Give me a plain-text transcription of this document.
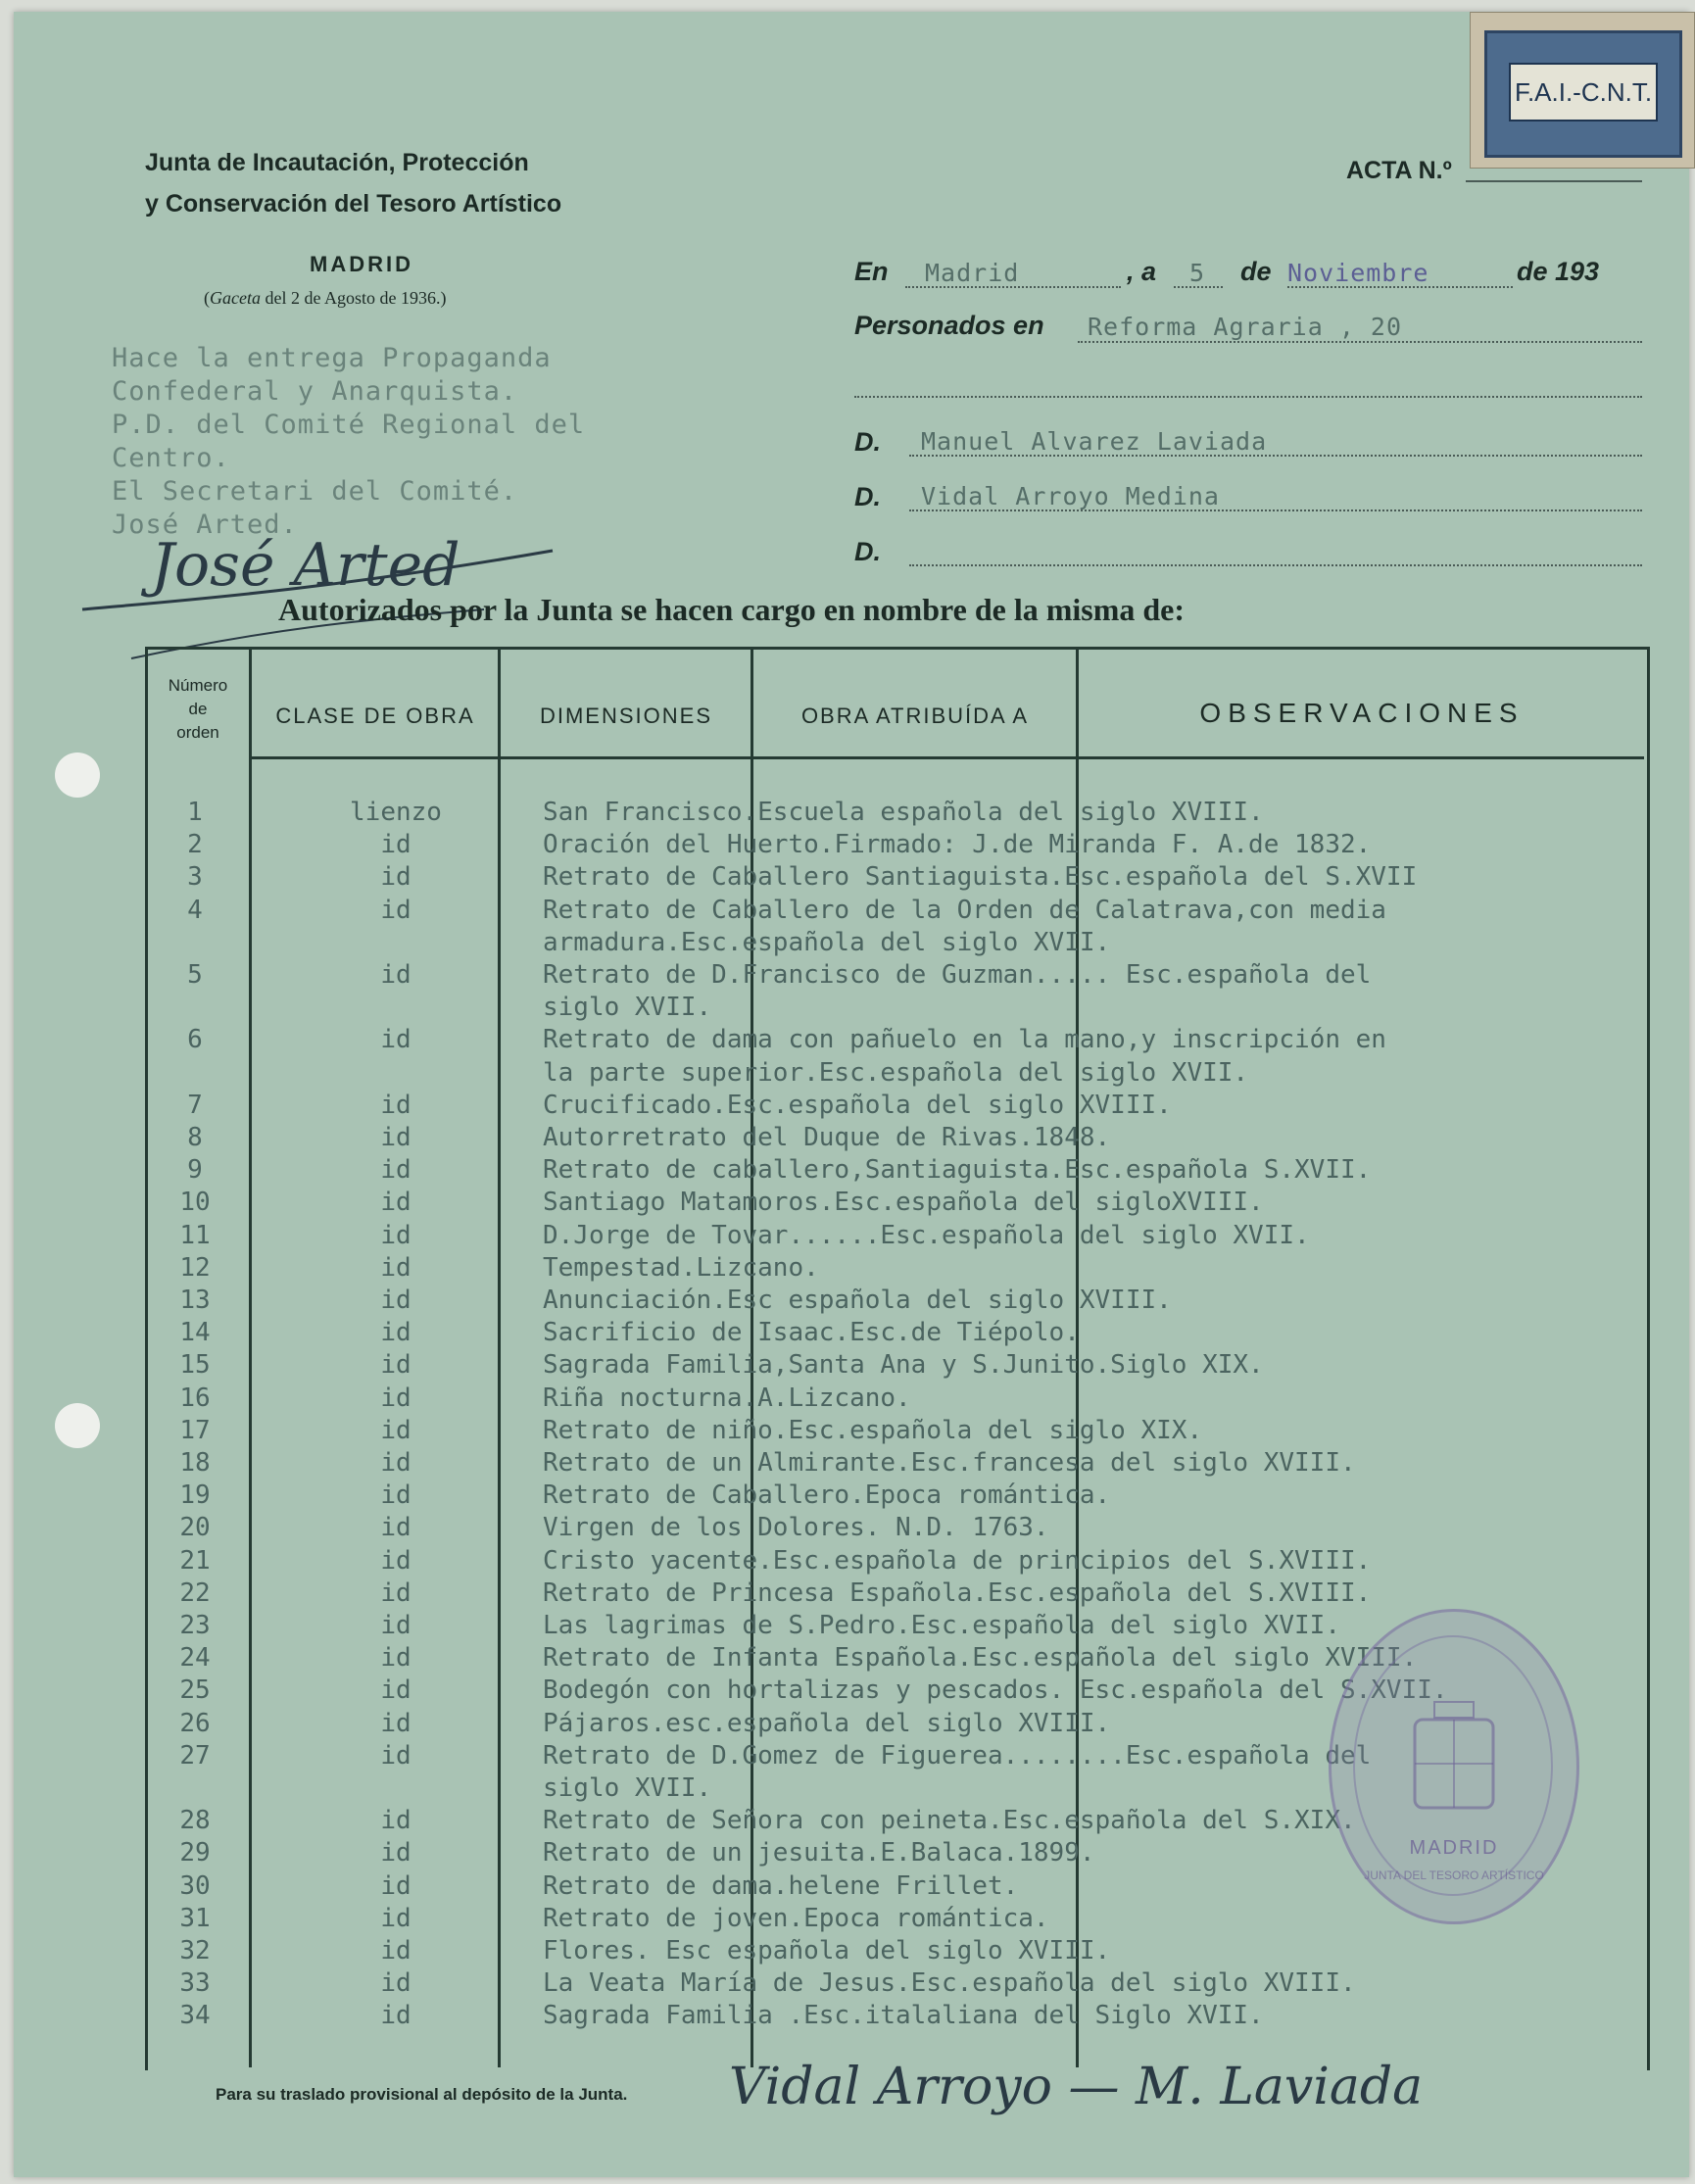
F.A.I.-C.N.T.
Junta de Incautación, Protección
y Conservación del Tesoro Artístico
MADRID
(Gaceta del 2 de Agosto de 1936.)
ACTA N.º
En Madrid	, a 5 de Noviembre	de 193
Personados en Reforma Agraria , 20
D. Manuel Alvarez Laviada
D. Vidal Arroyo Medina
D.
Hace la entrega Propaganda
Confederal y Anarquista.
P.D. del Comité Regional del
Centro.
El Secretari del Comité.
José Arted.
José Arted
Autorizados por la Junta se hacen cargo en nombre de la misma de:
Número
de
orden
CLASE DE OBRA	DIMENSIONES	OBRA ATRIBUÍDA A	OBSERVACIONES
1	lienzo	San Francisco.Escuela española del siglo XVIII.
2	id	Oración del Huerto.Firmado: J.de Miranda F. A.de 1832.
3	id	Retrato de Caballero Santiaguista.Esc.española del S.XVII
4	id	Retrato de Caballero de la Orden de Calatrava,con media
armadura.Esc.española del siglo XVII.
5	id	Retrato de D.Francisco de Guzman..... Esc.española del
siglo XVII.
6	id	Retrato de dama con pañuelo en la mano,y inscripción en
la parte superior.Esc.española del siglo XVII.
7	id	Crucificado.Esc.española del siglo XVIII.
8	id	Autorretrato del Duque de Rivas.1848.
9	id	Retrato de caballero,Santiaguista.Esc.española S.XVII.
10	id	Santiago Matamoros.Esc.española del sigloXVIII.
11	id	D.Jorge de Tovar......Esc.española del siglo XVII.
12	id	Tempestad.Lizcano.
13	id	Anunciación.Esc española del siglo XVIII.
14	id	Sacrificio de Isaac.Esc.de Tiépolo.
15	id	Sagrada Familia,Santa Ana y S.Junito.Siglo XIX.
16	id	Riña nocturna.A.Lizcano.
17	id	Retrato de niño.Esc.española del siglo XIX.
18	id	Retrato de un Almirante.Esc.francesa del siglo XVIII.
19	id	Retrato de Caballero.Epoca romántica.
20	id	Virgen de los Dolores. N.D. 1763.
21	id	Cristo yacente.Esc.española de principios del S.XVIII.
22	id	Retrato de Princesa Española.Esc.española del S.XVIII.
23	id	Las lagrimas de S.Pedro.Esc.española del siglo XVII.
24	id	Retrato de Infanta Española.Esc.española del siglo XVIII.
25	id	Bodegón con hortalizas y pescados. Esc.española del S.XVII.
26	id	Pájaros.esc.española del siglo XVIII.
27	id	Retrato de D.Gomez de Figuerea........Esc.española del
siglo XVII.
28	id	Retrato de Señora con peineta.Esc.española del S.XIX.
29	id	Retrato de un jesuita.E.Balaca.1899.
30	id	Retrato de dama.helene Frillet.
31	id	Retrato de joven.Epoca romántica.
32	id	Flores. Esc española del siglo XVIII.
33	id	La Veata María de Jesus.Esc.española del siglo XVIII.
34	id	Sagrada Familia .Esc.italaliana del Siglo XVII.
MADRID
JUNTA DEL TESORO ARTÍSTICO
Para su traslado provisional al depósito de la Junta. Vidal Arroyo — M. Laviada
